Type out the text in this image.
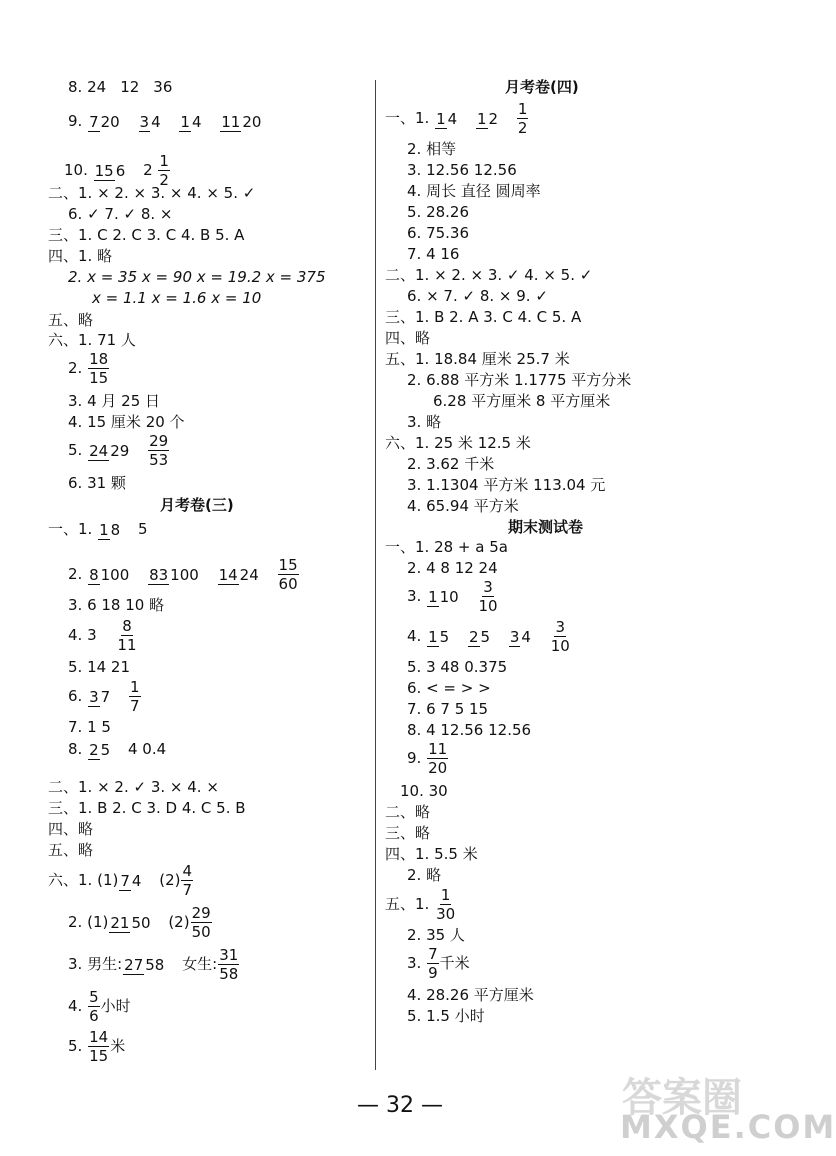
8. 24 12 36
9. 7 20 3 4 1 4 11 20
10. 15 6 $2 \frac{1}{2}$
二、1. × 2. × 3. × 4. × 5. ✓
6. ✓ 7. ✓ 8. ×
三、1. C 2. C 3. C 4. B 5. A
四、1. 略
2. x = 35 x = 90 x = 19.2 x = 375
x = 1.1 x = 1.6 x = 10
五、略
六、1. 71 人
2. $\frac{18}{15}$
3. 4 月 25 日
4. 15 厘米 20 个
5. 24 $29 \frac{29}{53}$
6. 31 颗
月考卷(三)
一、1. 1 8 5
2. 8 100 83 100 14 $24 \frac{15}{60}$
3. 6 18 10 略
4. $3 \frac{8}{11}$
5. 14 21
6. 3 $7 \frac{1}{7}$
7. 1 5
8. 2 5 4 0.4
二、1. × 2. ✓ 3. × 4. ×
三、1. B 2. C 3. D 4. C 5. B
四、略
五、略
六、1. (1) 7 4 $(2) \frac{4}{7}$
2. (1) 21 50 $(2) \frac{29}{50}$
3. 男生: 27 58 女生: $\frac{31}{58}$
4. $\frac{5}{6}$ 小时
5. $\frac{14}{15}$ 米
月考卷(四)
一、1. 1 4 1 $2 \frac{1}{2}$
2. 相等
3. 12.56 12.56
4. 周长 直径 圆周率
5. 28.26
6. 75.36
7. 4 16
二、1. × 2. × 3. ✓ 4. × 5. ✓
6. × 7. ✓ 8. × 9. ✓
三、1. B 2. A 3. C 4. C 5. A
四、略
五、1. 18.84 厘米 25.7 米
2. 6.88 平方米 1.1775 平方分米
6.28 平方厘米 8 平方厘米
3. 略
六、1. 25 米 12.5 米
2. 3.62 千米
3. 1.1304 平方米 113.04 元
4. 65.94 平方米
期末测试卷
一、1. 28 + a 5a
2. 4 8 12 24
3. 1 $10 \frac{3}{10}$
4. 1 5 2 5 3 $4 \frac{3}{10}$
5. 3 48 0.375
6. < = > >
7. 6 7 5 15
8. 4 12.56 12.56
9. $\frac{11}{20}$
10. 30
二、略
三、略
四、1. 5.5 米
2. 略
五、1. $\frac{1}{30}$
2. 35 人
3. $\frac{7}{9}$ 千米
4. 28.26 平方厘米
5. 1.5 小时
— 32 —	答案圈
MXQE.COM
